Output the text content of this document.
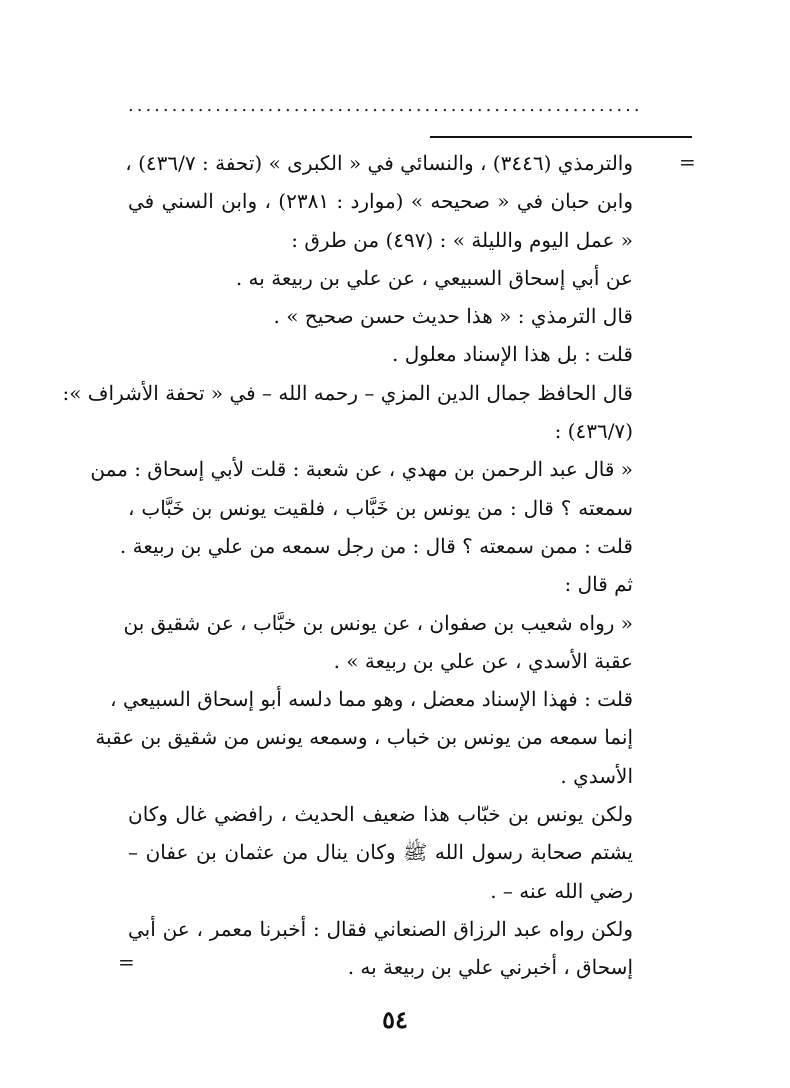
...........................................................
=
والترمذي (٣٤٤٦) ، والنسائي في « الكبرى » (تحفة : ٤٣٦/٧) ،
وابن حبان في « صحيحه » (موارد : ٢٣٨١) ، وابن السني في
« عمل اليوم والليلة » : (٤٩٧) من طرق :
عن أبي إسحاق السبيعي ، عن علي بن ربيعة به .
قال الترمذي : « هذا حديث حسن صحيح » .
قلت : بل هذا الإسناد معلول .
قال الحافظ جمال الدين المزي – رحمه الله – في « تحفة الأشراف »:
(٤٣٦/٧) :
« قال عبد الرحمن بن مهدي ، عن شعبة : قلت لأبي إسحاق : ممن
سمعته ؟ قال : من يونس بن خَبَّاب ، فلقيت يونس بن خَبَّاب ،
قلت : ممن سمعته ؟ قال : من رجل سمعه من علي بن ربيعة .
ثم قال :
« رواه شعيب بن صفوان ، عن يونس بن خبَّاب ، عن شقيق بن
عقبة الأسدي ، عن علي بن ربيعة » .
قلت : فهذا الإسناد معضل ، وهو مما دلسه أبو إسحاق السبيعي ،
إنما سمعه من يونس بن خباب ، وسمعه يونس من شقيق بن عقبة
الأسدي .
ولكن يونس بن خبّاب هذا ضعيف الحديث ، رافضي غال وكان
يشتم صحابة رسول الله ﷺ وكان ينال من عثمان بن عفان –
رضي الله عنه – .
ولكن رواه عبد الرزاق الصنعاني فقال : أخبرنا معمر ، عن أبي
إسحاق ، أخبرني علي بن ربيعة به .
=
٥٤
